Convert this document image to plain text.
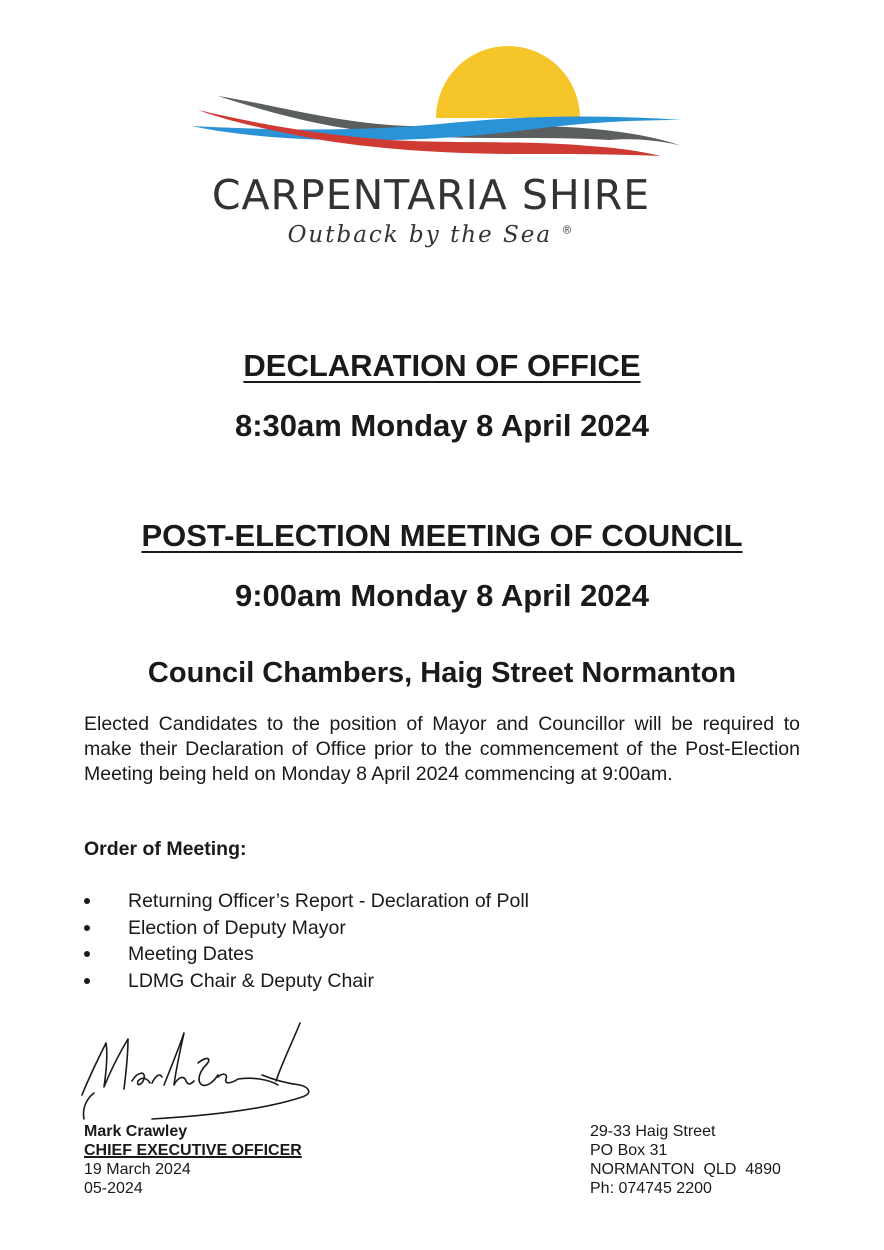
CARPENTARIA SHIRE
Outback by the Sea ®
DECLARATION OF OFFICE
8:30am Monday 8 April 2024
POST-ELECTION MEETING OF COUNCIL
9:00am Monday 8 April 2024
Council Chambers, Haig Street Normanton

Elected Candidates to the position of Mayor and Councillor will be required to make their Declaration of Office prior to the commencement of the Post-Election Meeting being held on Monday 8 April 2024 commencing at 9:00am.

Order of Meeting:
Returning Officer’s Report - Declaration of Poll
Election of Deputy Mayor
Meeting Dates
LDMG Chair & Deputy Chair
Mark Crawley
CHIEF EXECUTIVE OFFICER
19 March 2024
05-2024
29-33 Haig Street
PO Box 31
NORMANTON  QLD  4890
Ph: 074745 2200
